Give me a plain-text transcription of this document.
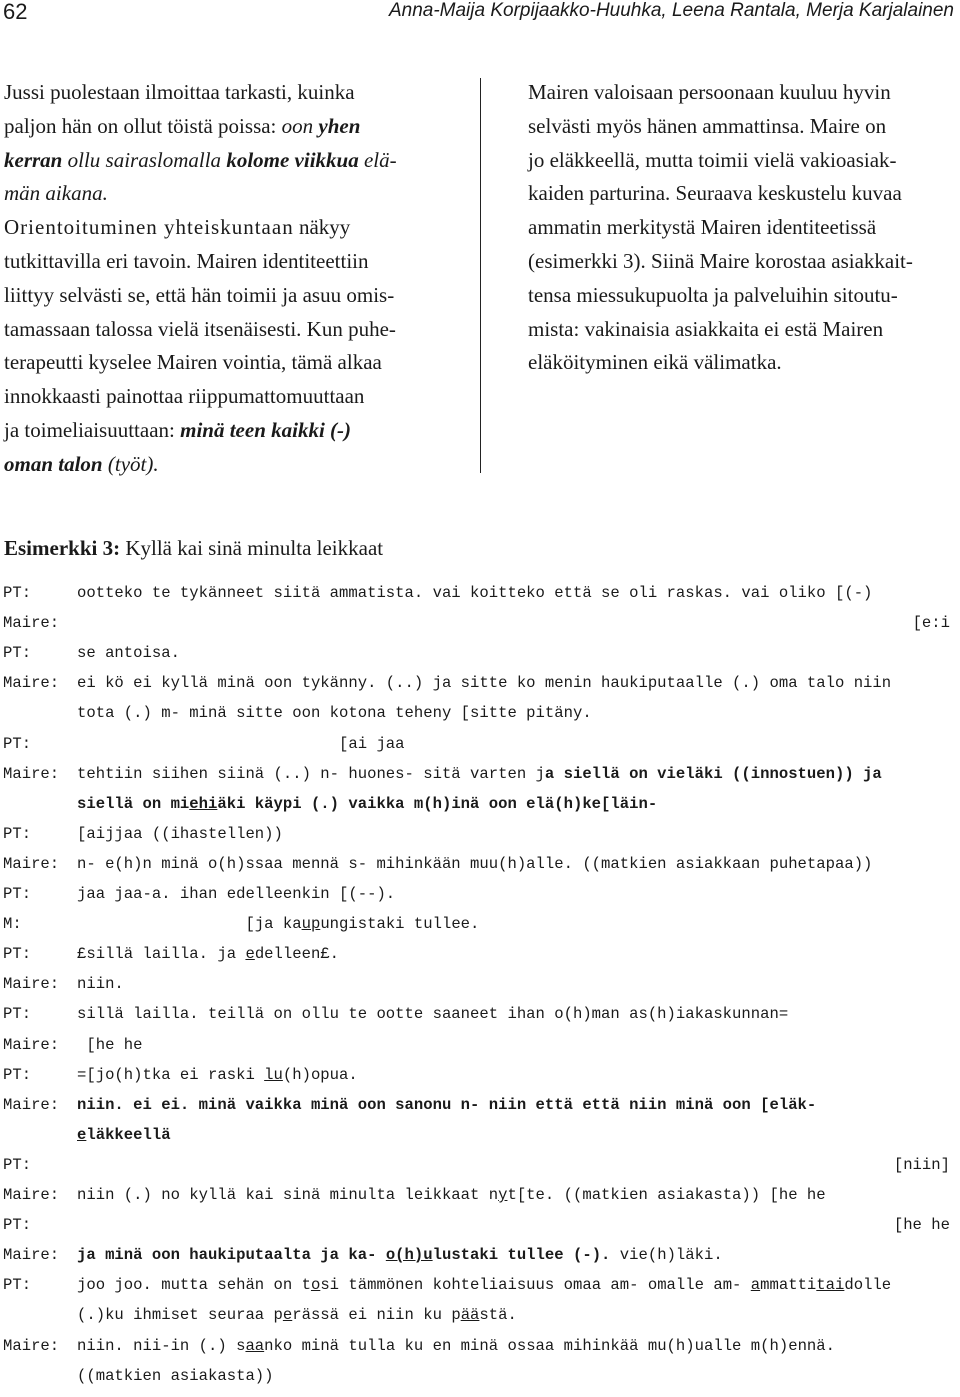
62	Anna-Maija Korpijaakko-Huuhka, Leena Rantala, Merja Karjalainen
Jussi puolestaan ilmoittaa tarkasti, kuinka
paljon hän on ollut töistä poissa: oon yhen
kerran ollu sairaslomalla kolome viikkua elä-
män aikana.
Orientoituminen yhteiskuntaan näkyy
tutkittavilla eri tavoin. Mairen identiteettiin
liittyy selvästi se, että hän toimii ja asuu omis-
tamassaan talossa vielä itsenäisesti. Kun puhe-
terapeutti kyselee Mairen vointia, tämä alkaa
innokkaasti painottaa riippumattomuuttaan
ja toimeliaisuuttaan: minä teen kaikki (-)
oman talon (työt).
Mairen valoisaan persoonaan kuuluu hyvin
selvästi myös hänen ammattinsa. Maire on
jo eläkkeellä, mutta toimii vielä vakioasiak-
kaiden parturina. Seuraava keskustelu kuvaa
ammatin merkitystä Mairen identiteetissä
(esimerkki 3). Siinä Maire korostaa asiakkait-
tensa miessukupuolta ja palveluihin sitoutu-
mista: vakinaisia asiakkaita ei estä Mairen
eläköityminen eikä välimatka.
Esimerkki 3: Kyllä kai sinä minulta leikkaat
PT:	ootteko te tykänneet siitä ammatista. vai koitteko että se oli raskas. vai oliko [(-)
Maire:	[e:i
PT:	se antoisa.
Maire: ei kö ei kyllä minä oon tykänny. (..) ja sitte ko menin haukiputaalle (.) oma talo niin
tota (.) m- minä sitte oon kotona teheny [sitte pitäny.
PT:	[ai jaa
Maire: tehtiin siihen siinä (..) n- huones- sitä varten ja siellä on vieläki ((innostuen)) ja
siellä on miehiäki käypi (.) vaikka m(h)inä oon elä(h)ke[läin-
PT:	[aijjaa ((ihastellen))
Maire: n- e(h)n minä o(h)ssaa mennä s- mihinkään muu(h)alle. ((matkien asiakkaan puhetapaa))
PT:	jaa jaa-a. ihan edelleenkin [(--).
M:	[ja kaupungistaki tullee.
PT:	£sillä lailla. ja edelleen£.
Maire: niin.
PT:	sillä lailla. teillä on ollu te ootte saaneet ihan o(h)man as(h)iakaskunnan=
Maire: [he he
PT:	=[jo(h)tka ei raski lu(h)opua.
Maire: niin. ei ei. minä vaikka minä oon sanonu n- niin että että niin minä oon [eläk-
eläkkeellä
PT:	[niin]
Maire: niin (.) no kyllä kai sinä minulta leikkaat nyt[te. ((matkien asiakasta)) [he he
PT:	[he he
Maire: ja minä oon haukiputaalta ja ka- o(h)ulustaki tullee (-). vie(h)läki.
PT:	joo joo. mutta sehän on tosi tämmönen kohteliaisuus omaa am- omalle am- ammattitaidolle
(.)ku ihmiset seuraa perässä ei niin ku päästä.
Maire: niin. nii-in (.) saanko minä tulla ku en minä ossaa mihinkää mu(h)ualle m(h)ennä.
((matkien asiakasta))
